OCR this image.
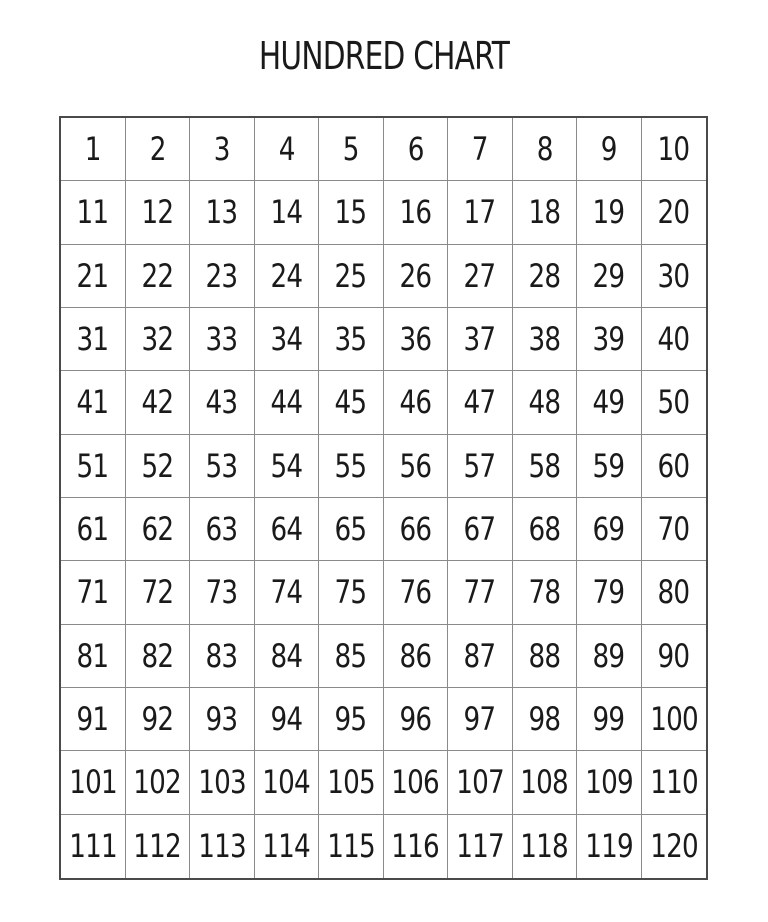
HUNDRED CHART
1 2 3 4 5 6 7 8 9 10
11 12 13 14 15 16 17 18 19 20
21 22 23 24 25 26 27 28 29 30
31 32 33 34 35 36 37 38 39 40
41 42 43 44 45 46 47 48 49 50
51 52 53 54 55 56 57 58 59 60
61 62 63 64 65 66 67 68 69 70
71 72 73 74 75 76 77 78 79 80
81 82 83 84 85 86 87 88 89 90
91 92 93 94 95 96 97 98 99 100
101 102 103 104 105 106 107 108 109 110
111 112 113 114 115 116 117 118 119 120
